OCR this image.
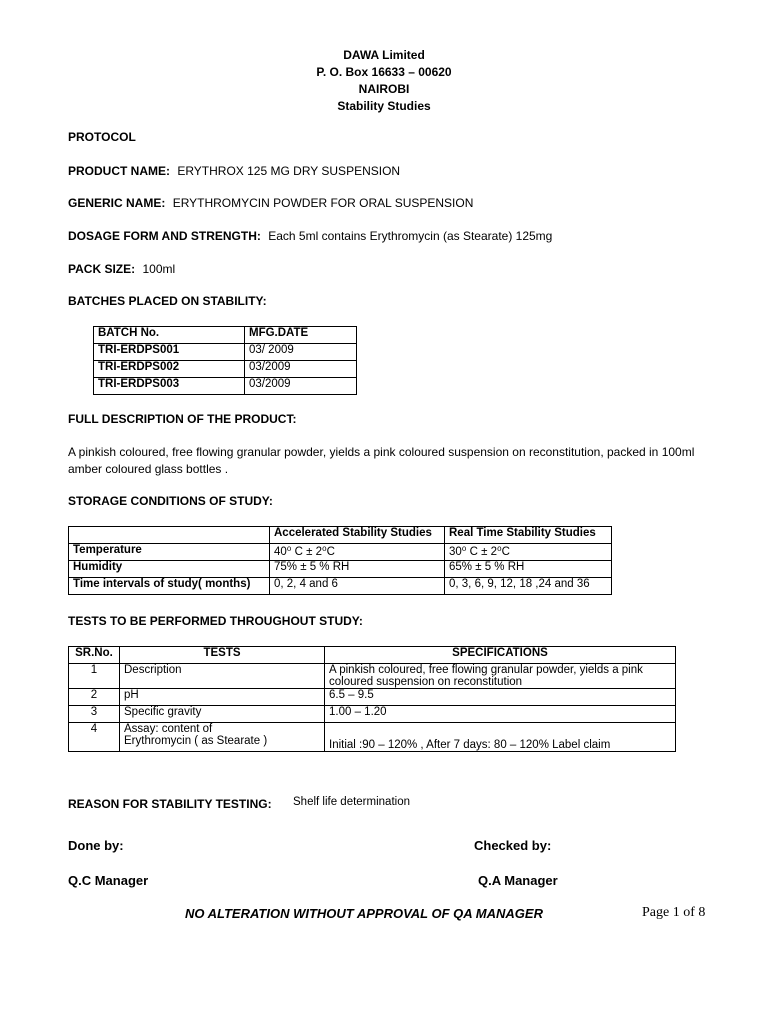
DAWA Limited
P. O. Box 16633 – 00620
NAIROBI
Stability Studies
PROTOCOL
PRODUCT NAME: ERYTHROX 125 MG DRY SUSPENSION
GENERIC NAME: ERYTHROMYCIN POWDER FOR ORAL SUSPENSION
DOSAGE FORM AND STRENGTH: Each 5ml contains Erythromycin (as Stearate) 125mg
PACK SIZE: 100ml
BATCHES PLACED ON STABILITY:
BATCH No.	MFG.DATE
TRI-ERDPS001	03/ 2009
TRI-ERDPS002	03/2009
TRI-ERDPS003	03/2009
FULL DESCRIPTION OF THE PRODUCT:
A pinkish coloured, free flowing granular powder, yields a pink coloured suspension on reconstitution, packed in 100ml amber coloured glass bottles .
STORAGE CONDITIONS OF STUDY:
	Accelerated Stability Studies	Real Time Stability Studies
Temperature	40⁰ C ± 2⁰C	30⁰ C ± 2⁰C
Humidity	75% ± 5 % RH	65% ± 5 % RH
Time intervals of study( months)	0, 2, 4 and 6	0, 3, 6, 9, 12, 18 ,24 and 36
TESTS TO BE PERFORMED THROUGHOUT STUDY:
SR.No.	TESTS	SPECIFICATIONS
1	Description	A pinkish coloured, free flowing granular powder, yields a pink
coloured suspension on reconstitution

2	pH	6.5 – 9.5

3	Specific gravity	1.00 – 1.20

4	Assay: content of
Erythromycin ( as Stearate )	Initial :90 – 120% , After 7 days: 80 – 120% Label claim
REASON FOR STABILITY TESTING: Shelf life determination
Done by:	Checked by:
Q.C Manager	Q.A Manager
NO ALTERATION WITHOUT APPROVAL OF QA MANAGER	Page 1 of 8
